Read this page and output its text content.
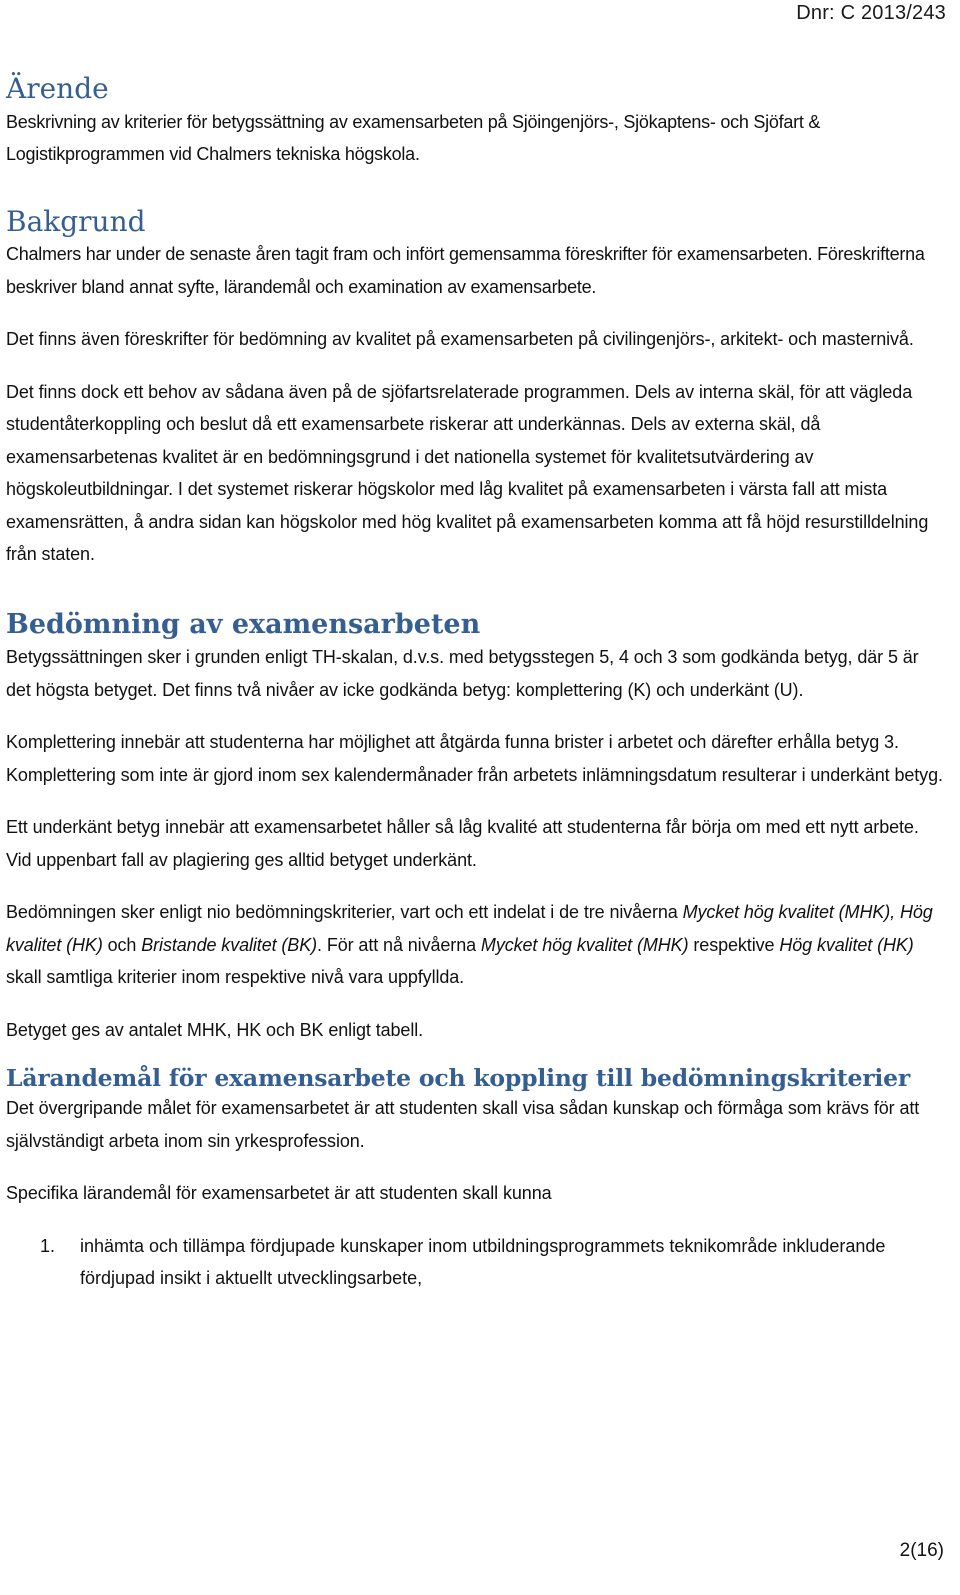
Dnr: C 2013/243
Ärende

Beskrivning av kriterier för betygssättning av examensarbeten på Sjöingenjörs-, Sjökaptens- och Sjöfart & Logistikprogrammen vid Chalmers tekniska högskola.

Bakgrund

Chalmers har under de senaste åren tagit fram och infört gemensamma föreskrifter för examensarbeten. Föreskrifterna beskriver bland annat syfte, lärandemål och examination av examensarbete.

Det finns även föreskrifter för bedömning av kvalitet på examensarbeten på civilingenjörs-, arkitekt- och masternivå.

Det finns dock ett behov av sådana även på de sjöfartsrelaterade programmen. Dels av interna skäl, för att vägleda studentåterkoppling och beslut då ett examensarbete riskerar att underkännas. Dels av externa skäl, då examensarbetenas kvalitet är en bedömningsgrund i det nationella systemet för kvalitetsutvärdering av högskoleutbildningar. I det systemet riskerar högskolor med låg kvalitet på examensarbeten i värsta fall att mista examensrätten, å andra sidan kan högskolor med hög kvalitet på examensarbeten komma att få höjd resurstilldelning från staten.

Bedömning av examensarbeten

Betygssättningen sker i grunden enligt TH-skalan, d.v.s. med betygsstegen 5, 4 och 3 som godkända betyg, där 5 är det högsta betyget. Det finns två nivåer av icke godkända betyg: komplettering (K) och underkänt (U).

Komplettering innebär att studenterna har möjlighet att åtgärda funna brister i arbetet och därefter erhålla betyg 3. Komplettering som inte är gjord inom sex kalendermånader från arbetets inlämningsdatum resulterar i underkänt betyg.

Ett underkänt betyg innebär att examensarbetet håller så låg kvalité att studenterna får börja om med ett nytt arbete. Vid uppenbart fall av plagiering ges alltid betyget underkänt.

Bedömningen sker enligt nio bedömningskriterier, vart och ett indelat i de tre nivåerna Mycket hög kvalitet (MHK), Hög kvalitet (HK) och Bristande kvalitet (BK). För att nå nivåerna Mycket hög kvalitet (MHK) respektive Hög kvalitet (HK) skall samtliga kriterier inom respektive nivå vara uppfyllda.

Betyget ges av antalet MHK, HK och BK enligt tabell.

Lärandemål för examensarbete och koppling till bedömningskriterier

Det övergripande målet för examensarbetet är att studenten skall visa sådan kunskap och förmåga som krävs för att självständigt arbeta inom sin yrkesprofession.

Specifika lärandemål för examensarbetet är att studenten skall kunna

1. inhämta och tillämpa fördjupade kunskaper inom utbildningsprogrammets teknikområde inkluderande fördjupad insikt i aktuellt utvecklingsarbete,
2(16)
